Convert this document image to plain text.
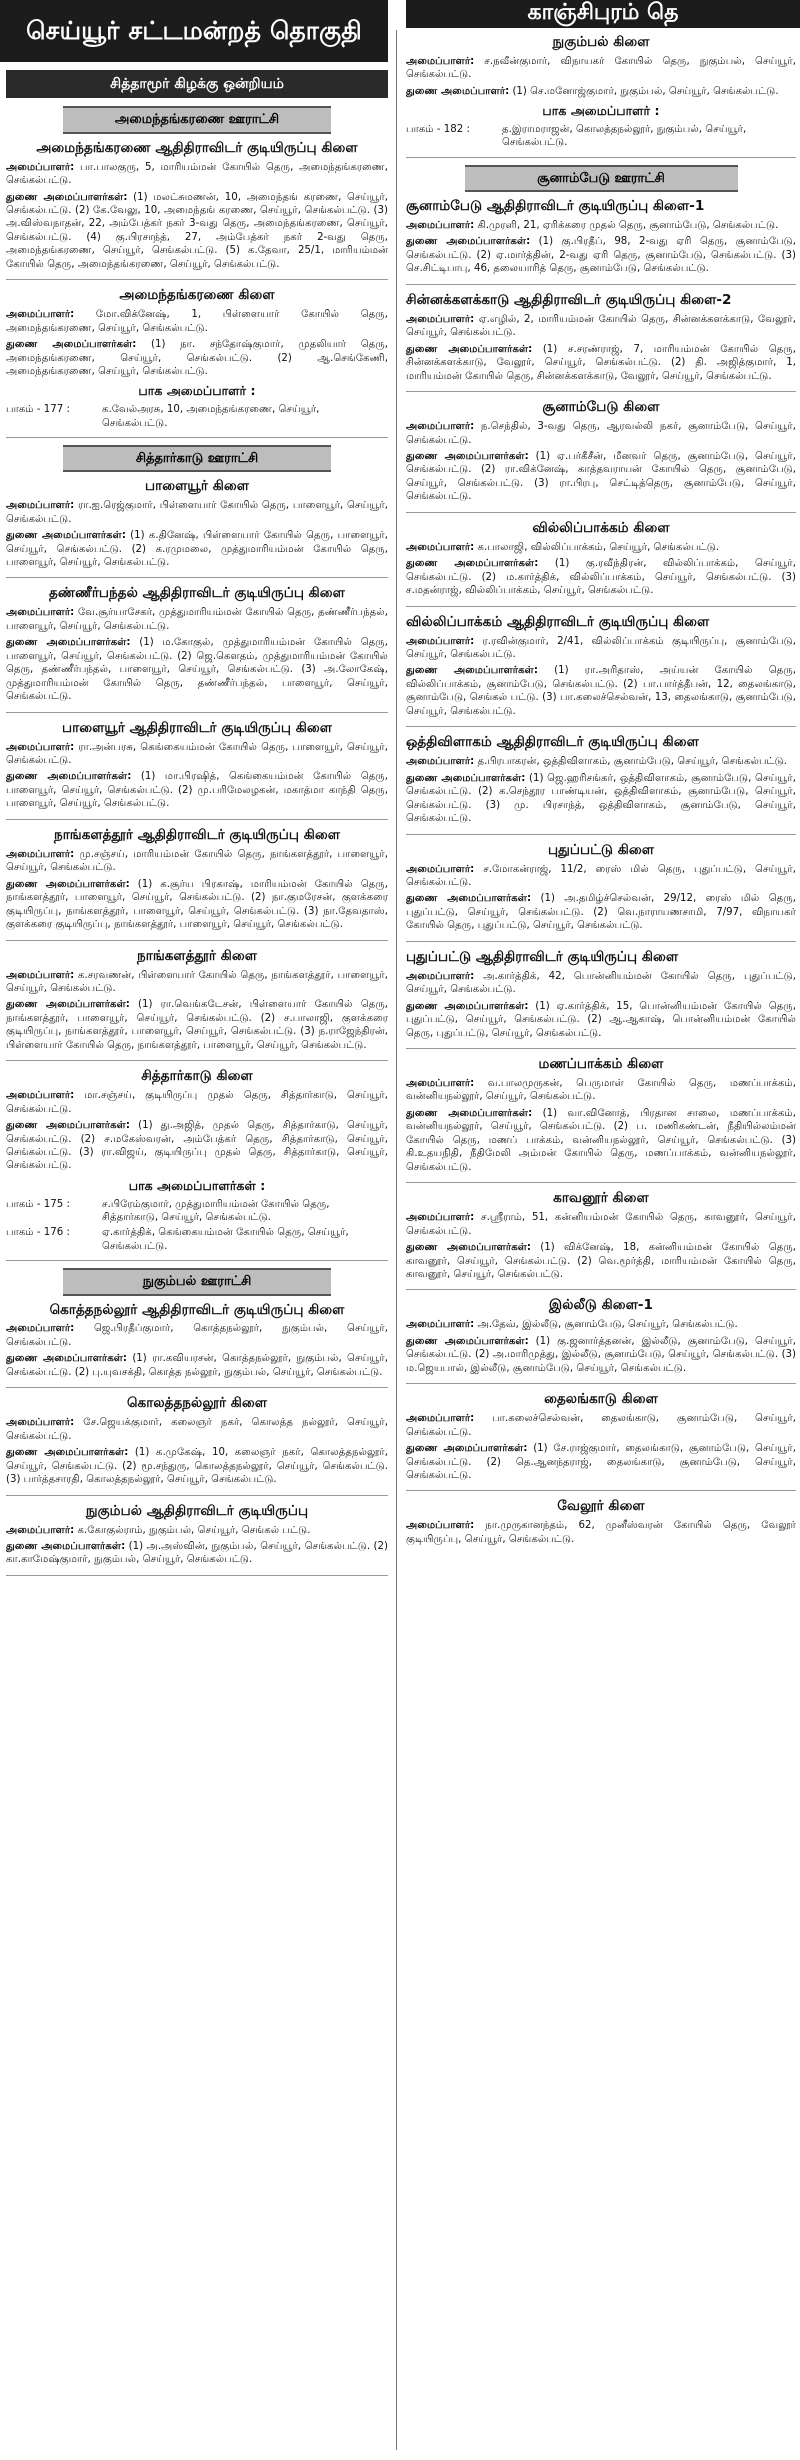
செய்யூர் சட்டமன்றத் தொகுதி
காஞ்சிபுரம் தெ
சித்தாமூர் கிழக்கு ஒன்றியம்
அமைந்தங்கரணை ஊராட்சி
அமைந்தங்கரணை ஆதிதிராவிடர் குடியிருப்பு கிளை

அமைப்பாளர்: பா.பாலகுரு, 5, மாரியம்மன் கோயில் தெரு, அமைந்தங்கரணை, செங்கல்பட்டு.

துணை அமைப்பாளர்கள்: (1) மலட்சுமணன், 10, அமைந்தங் கரணை, செய்யூர், செங்கல்பட்டு. (2) கே.வேலு, 10, அமைந்தங் கரணை, செய்யூர், செங்கல்பட்டு. (3) அ.விஸ்வநாதன், 22, அம்பேத்கர் நகர் 3-வது தெரு, அமைந்தங்கரணை, செய்யூர், செங்கல்பட்டு. (4) கு.பிரசாந்த், 27, அம்பேத்கர் நகர் 2-வது தெரு, அமைந்தங்கரணை, செய்யூர், செங்கல்பட்டு. (5) க.தேவா, 25/1, மாரியம்மன் கோயில் தெரு, அமைந்தங்கரணை, செய்யூர், செங்கல்பட்டு.

அமைந்தங்கரணை கிளை

அமைப்பாளர்: மோ.விக்னேஷ், 1, பிள்ளையார் கோயில் தெரு, அமைந்தங்கரணை, செய்யூர், செங்கல்பட்டு.

துணை அமைப்பாளர்கள்: (1) நா. சந்தோஷ்குமார், முதலியார் தெரு, அமைந்தங்கரணை, செய்யூர், செங்கல்பட்டு. (2) ஆ.செங்கேணி, அமைந்தங்கரணை, செய்யூர், செங்கல்பட்டு.

பாக அமைப்பாளர் :
பாகம் - 177 :	க.வேல்அரசு, 10, அமைந்தங்கரணை, செய்யூர், செங்கல்பட்டு.
சித்தார்காடு ஊராட்சி
பாளையூர் கிளை

அமைப்பாளர்: ரா.ஐ.ரெஜ்குமார், பிள்ளையார் கோயில் தெரு, பாளையூர், செய்யூர், செங்கல்பட்டு.

துணை அமைப்பாளர்கள்: (1) க.தினேஷ், பிள்ளையார் கோயில் தெரு, பாளையூர், செய்யூர், செங்கல்பட்டு. (2) க.ரமுமலை, முத்துமாரியம்மன் கோயில் தெரு, பாளையூர், செய்யூர், செங்கல்பட்டு.

தண்ணீர்பந்தல் ஆதிதிராவிடர் குடியிருப்பு கிளை

அமைப்பாளர்: வே.சூர்யாசேகர், முத்துமாரியம்மன் கோயில் தெரு, தண்ணீர்பந்தல், பாளையூர், செய்யூர், செங்கல்பட்டு.

துணை அமைப்பாளர்கள்: (1) ம.கோகுல், முத்துமாரியம்மன் கோயில் தெரு, பாளையூர், செய்யூர், செங்கல்பட்டு. (2) ஜெ.கௌதம், முத்துமாரியம்மன் கோயில் தெரு, தண்ணீர்பந்தல், பாளையூர், செய்யூர், செங்கல்பட்டு. (3) அ.லோகேஷ், முத்துமாரியம்மன் கோயில் தெரு, தண்ணீர்பந்தல், பாளையூர், செய்யூர், செங்கல்பட்டு.

பாளையூர் ஆதிதிராவிடர் குடியிருப்பு கிளை

அமைப்பாளர்: ரா.அன்பரசு, கெங்கையம்மன் கோயில் தெரு, பாளையூர், செய்யூர், செங்கல்பட்டு.

துணை அமைப்பாளர்கள்: (1) மா.பிரஷித், கெங்கையம்மன் கோயில் தெரு, பாளையூர், செய்யூர், செங்கல்பட்டு. (2) மு.பரிமேலழகன், மகாத்மா காந்தி தெரு, பாளையூர், செய்யூர், செங்கல்பட்டு.

நாங்களத்தூர் ஆதிதிராவிடர் குடியிருப்பு கிளை

அமைப்பாளர்: மு.சஞ்சய், மாரியம்மன் கோயில் தெரு, நாங்களத்தூர், பாளையூர், செய்யூர், செங்கல்பட்டு.

துணை அமைப்பாளர்கள்: (1) க.சூர்ய பிரகாஷ், மாரியம்மன் கோயில் தெரு, நாங்களத்தூர், பாளையூர், செய்யூர், செங்கல்பட்டு. (2) நா.குமரேசன், குளக்கரை குடியிருப்பு, நாங்களத்தூர், பாளையூர், செய்யூர், செங்கல்பட்டு. (3) நா.தேவதாஸ், குளக்கரை குடியிருப்பு, நாங்களத்தூர், பாளையூர், செய்யூர், செங்கல்பட்டு.

நாங்களத்தூர் கிளை

அமைப்பாளர்: க.சரவணன், பிள்ளையார் கோயில் தெரு, நாங்களத்தூர், பாளையூர், செய்யூர், செங்கல்பட்டு.

துணை அமைப்பாளர்கள்: (1) ரா.வெங்கடேசன், பிள்ளையார் கோயில் தெரு, நாங்களத்தூர், பாளையூர், செய்யூர், செங்கல்பட்டு. (2) ச.பாலாஜி, குளக்கரை குடியிருப்பு, நாங்களத்தூர், பாளையூர், செய்யூர், செங்கல்பட்டு. (3) ந.ராஜேந்திரன், பிள்ளையார் கோயில் தெரு, நாங்களத்தூர், பாளையூர், செய்யூர், செங்கல்பட்டு.

சித்தார்காடு கிளை

அமைப்பாளர்: மா.சஞ்சய், குடியிருப்பு முதல் தெரு, சித்தார்காடு, செய்யூர், செங்கல்பட்டு.

துணை அமைப்பாளர்கள்: (1) து.அஜித், முதல் தெரு, சித்தார்காடு, செய்யூர், செங்கல்பட்டு. (2) ச.மகேஸ்வரன், அம்பேத்கர் தெரு, சித்தார்காடு, செய்யூர், செங்கல்பட்டு. (3) ரா.விஜய், குடியிருப்பு முதல் தெரு, சித்தார்காடு, செய்யூர், செங்கல்பட்டு.

பாக அமைப்பாளர்கள் :
பாகம் - 175 :	ச.பிரேம்குமார், முத்துமாரியம்மன் கோயில் தெரு, சித்தார்காடு, செய்யூர், செங்கல்பட்டு.
பாகம் - 176 :	ஏ.கார்த்திக், கெங்கையம்மன் கோயில் தெரு, செய்யூர், செங்கல்பட்டு.
நுகும்பல் ஊராட்சி
கொத்தநல்லூர் ஆதிதிராவிடர் குடியிருப்பு கிளை

அமைப்பாளர்: ஜெ.பிரதீப்குமார், கொத்தநல்லூர், நுகும்பல், செய்யூர், செங்கல்பட்டு.

துணை அமைப்பாளர்கள்: (1) ரா.கவியரசன், கொத்தநல்லூர், நுகும்பல், செய்யூர், செங்கல்பட்டு. (2) பு.யுவசக்தி, கொத்த நல்லூர், நுகும்பல், செய்யூர், செங்கல்பட்டு.

கொலத்தநல்லூர் கிளை

அமைப்பாளர்: சே.ஜெயக்குமார், கலைஞர் நகர், கொலத்த நல்லூர், செய்யூர், செங்கல்பட்டு.

துணை அமைப்பாளர்கள்: (1) க.முகேஷ், 10, கலைஞர் நகர், கொலத்தநல்லூர், செய்யூர், செங்கல்பட்டு. (2) மூ.சந்துரு, கொலத்தநல்லூர், செய்யூர், செங்கல்பட்டு. (3) பார்த்தசாரதி, கொலத்தநல்லூர், செய்யூர், செங்கல்பட்டு.

நுகும்பல் ஆதிதிராவிடர் குடியிருப்பு

அமைப்பாளர்: க.கோகுல்ராம், நுகும்பல், செய்யூர், செங்கல் பட்டு.

துணை அமைப்பாளர்கள்: (1) அ.அஸ்வின், நுகும்பல், செய்யூர், செங்கல்பட்டு. (2) கா.காமேஷ்குமார், நுகும்பல், செய்யூர், செங்கல்பட்டு.

நுகும்பல் கிளை

அமைப்பாளர்: ச.நவீன்குமார், விநாயகர் கோயில் தெரு, நுகும்பல், செய்யூர், செங்கல்பட்டு.

துணை அமைப்பாளர்: (1) செ.மனோஜ்குமார், நுகும்பல், செய்யூர், செங்கல்பட்டு.

பாக அமைப்பாளர் :
பாகம் - 182 :	த.இராமராஜன், கொலத்தநல்லூர், நுகும்பல், செய்யூர், செங்கல்பட்டு.
சூனாம்பேடு ஊராட்சி
சூனாம்பேடு ஆதிதிராவிடர் குடியிருப்பு கிளை-1

அமைப்பாளர்: கி.முரளி, 21, ஏரிக்கரை முதல் தெரு, சூனாம்பேடு, செங்கல்பட்டு.

துணை அமைப்பாளர்கள்: (1) கு.பிரதீப், 98, 2-வது ஏரி தெரு, சூனாம்பேடு, செங்கல்பட்டு. (2) ஏ.மார்த்தின், 2-வது ஏரி தெரு, சூனாம்பேடு, செங்கல்பட்டு. (3) செ.சிட்டிபாபு, 46, தலையாரித் தெரு, சூனாம்பேடு, செங்கல்பட்டு.

சின்னக்களக்காடு ஆதிதிராவிடர் குடியிருப்பு கிளை-2

அமைப்பாளர்: ஏ.எழில், 2, மாரியம்மன் கோயில் தெரு, சின்னக்களக்காடு, வேலூர், செய்யூர், செங்கல்பட்டு.

துணை அமைப்பாளர்கள்: (1) ச.சரண்ராஜ், 7, மாரியம்மன் கோயில் தெரு, சின்னக்களக்காடு, வேலூர், செய்யூர், செங்கல்பட்டு. (2) தி. அஜித்குமார், 1, மாரியம்மன் கோயில் தெரு, சின்னக்களக்காடு, வேலூர், செய்யூர், செங்கல்பட்டு.

சூனாம்பேடு கிளை

அமைப்பாளர்: ந.செந்தில், 3-வது தெரு, ஆரவல்லி நகர், சூனாம்பேடு, செய்யூர், செங்கல்பட்டு.

துணை அமைப்பாளர்கள்: (1) ஏ.பர்கீசீன், மீனவர் தெரு, சூனாம்பேடு, செய்யூர், செங்கல்பட்டு. (2) ரா.விக்னேஷ், காத்தவராயன் கோயில் தெரு, சூனாம்பேடு, செய்யூர், செங்கல்பட்டு. (3) ரா.பிரபு, செட்டித்தெரு, சூனாம்பேடு, செய்யூர், செங்கல்பட்டு.

வில்லிப்பாக்கம் கிளை

அமைப்பாளர்: க.பாலாஜி, வில்லிப்பாக்கம், செய்யூர், செங்கல்பட்டு.

துணை அமைப்பாளர்கள்: (1) கு.ரவீந்திரன், வில்லிப்பாக்கம், செய்யூர், செங்கல்பட்டு. (2) ம.கார்த்திக், வில்லிப்பாக்கம், செய்யூர், செங்கல்பட்டு. (3) ச.மதன்ராஜ், வில்லிப்பாக்கம், செய்யூர், செங்கல்பட்டு.

வில்லிப்பாக்கம் ஆதிதிராவிடர் குடியிருப்பு கிளை

அமைப்பாளர்: ர.ரவின்குமார், 2/41, வில்லிப்பாக்கம் குடியிருப்பு, சூனாம்பேடு, செய்யூர், செங்கல்பட்டு.

துணை அமைப்பாளர்கள்: (1) ரா.அரிதாஸ், அய்யன் கோயில் தெரு, வில்லிப்பாக்கம், சூனாம்பேடு, செங்கல்பட்டு. (2) பா.பார்த்தீபன், 12, தைலங்காடு, சூனாம்பேடு, செங்கல் பட்டு. (3) பா.கலைச்செல்வன், 13, தைலங்காடு, சூனாம்பேடு, செய்யூர், செங்கல்பட்டு.

ஒத்திவிளாகம் ஆதிதிராவிடர் குடியிருப்பு கிளை

அமைப்பாளர்: த.பிரபாகரன், ஒத்திவிளாகம், சூனாம்பேடு, செய்யூர், செங்கல்பட்டு.

துணை அமைப்பாளர்கள்: (1) ஜெ.ஹரிசங்கர், ஒத்திவிளாகம், சூனாம்பேடு, செய்யூர், செங்கல்பட்டு. (2) க.செந்தூர பாண்டியன், ஒத்திவிளாகம், சூனாம்பேடு, செய்யூர், செங்கல்பட்டு. (3) மு. பிரசாந்த், ஒத்திவிளாகம், சூனாம்பேடு, செய்யூர், செங்கல்பட்டு.

புதுப்பட்டு கிளை

அமைப்பாளர்: ச.மோகன்ராஜ், 11/2, ரைஸ் மில் தெரு, புதுப்பட்டு, செய்யூர், செங்கல்பட்டு.

துணை அமைப்பாளர்கள்: (1) அ.தமிழ்ச்செல்வன், 29/12, ரைஸ் மில் தெரு, புதுப்பட்டு, செய்யூர், செங்கல்பட்டு. (2) வெ.நாராயணசாமி, 7/97, விநாயகர் கோயில் தெரு, புதுப்பட்டு, செய்யூர், செங்கல்பட்டு.

புதுப்பட்டு ஆதிதிராவிடர் குடியிருப்பு கிளை

அமைப்பாளர்: அ.கார்த்திக், 42, பொன்னியம்மன் கோயில் தெரு, புதுப்பட்டு, செய்யூர், செங்கல்பட்டு.

துணை அமைப்பாளர்கள்: (1) ஏ.கார்த்திக், 15, பொன்னியம்மன் கோயில் தெரு, புதுப்பட்டு, செய்யூர், செங்கல்பட்டு. (2) ஆ.ஆகாஷ், பொன்னியம்மன் கோயில் தெரு, புதுப்பட்டு, செய்யூர், செங்கல்பட்டு.

மணப்பாக்கம் கிளை

அமைப்பாளர்: வ.பாலமுருகன், பெருமாள் கோயில் தெரு, மணப்பாக்கம், வன்னியநல்லூர், செய்யூர், செங்கல்பட்டு.

துணை அமைப்பாளர்கள்: (1) வா.வினோத், பிரதான சாலை, மணப்பாக்கம், வன்னியநல்லூர், செய்யூர், செங்கல்பட்டு. (2) ப. மணிகண்டன், நீதியில்லம்மன் கோயில் தெரு, மணப் பாக்கம், வன்னியநல்லூர், செய்யூர், செங்கல்பட்டு. (3) கி.உதயநிதி, நீதிமேலி அம்மன் கோயில் தெரு, மணப்பாக்கம், வன்னியநல்லூர், செங்கல்பட்டு.

காவனூர் கிளை

அமைப்பாளர்: ச.ஸ்ரீராம், 51, கன்னியம்மன் கோயில் தெரு, காவனூர், செய்யூர், செங்கல்பட்டு.

துணை அமைப்பாளர்கள்: (1) விக்னேஷ், 18, கன்னியம்மன் கோயில் தெரு, காவனூர், செய்யூர், செங்கல்பட்டு. (2) வெ.மூர்த்தி, மாரியம்மன் கோயில் தெரு, காவனூர், செய்யூர், செங்கல்பட்டு.

இல்லீடு கிளை-1

அமைப்பாளர்: அ.தேவ், இல்லீடு, சூனாம்பேடு, செய்யூர், செங்கல்பட்டு.

துணை அமைப்பாளர்கள்: (1) கு.ஜனார்த்தனன், இல்லீடு, சூனாம்பேடு, செய்யூர், செங்கல்பட்டு. (2) அ.மாரிமுத்து, இல்லீடு, சூனாம்பேடு, செய்யூர், செங்கல்பட்டு. (3) ம.ஜெயபால், இல்லீடு, சூனாம்பேடு, செய்யூர், செங்கல்பட்டு.

தைலங்காடு கிளை

அமைப்பாளர்: பா.கலைச்செல்வன், தைலங்காடு, சூனாம்பேடு, செய்யூர், செங்கல்பட்டு.

துணை அமைப்பாளர்கள்: (1) சே.ராஜ்குமார், தைலங்காடு, சூனாம்பேடு, செய்யூர், செங்கல்பட்டு. (2) தெ.ஆனந்தராஜ், தைலங்காடு, சூனாம்பேடு, செய்யூர், செங்கல்பட்டு.

வேலூர் கிளை

அமைப்பாளர்: நா.முருகானந்தம், 62, முனீஸ்வரன் கோயில் தெரு, வேலூர் குடியிருப்பு, செய்யூர், செங்கல்பட்டு.
